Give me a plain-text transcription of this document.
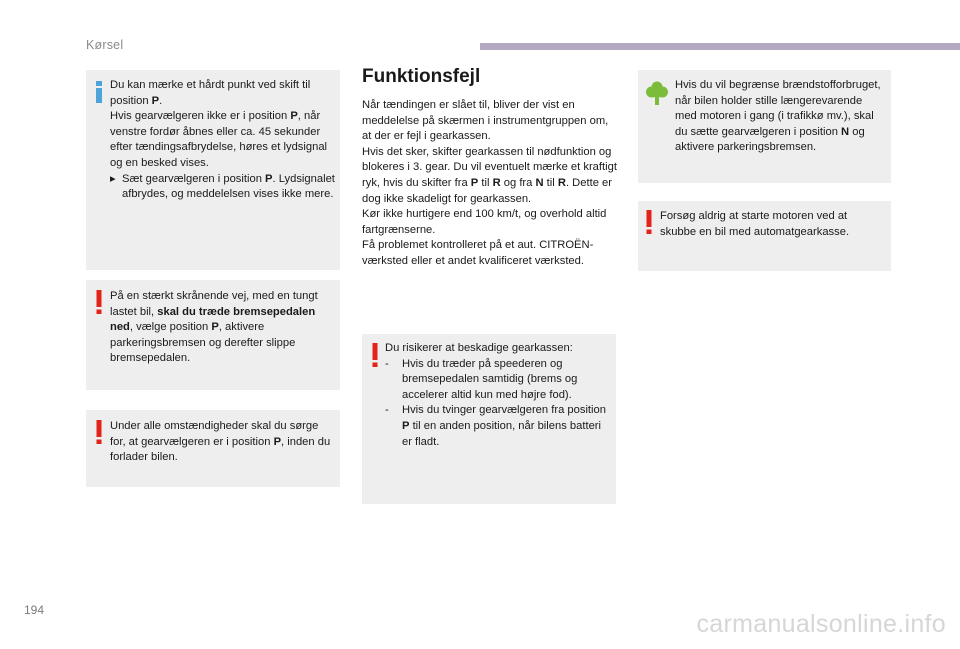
Kørsel

Du kan mærke et hårdt punkt ved skift til

position P.

Hvis gearvælgeren ikke er i position P, når venstre fordør åbnes eller ca. 45 sekunder efter tændingsafbrydelse, høres et lydsignal og en besked vises.

▸ Sæt gearvælgeren i position P. Lydsignalet afbrydes, og meddelelsen vises ikke mere.

På en stærkt skrånende vej, med en tungt lastet bil, skal du træde bremsepedalen ned, vælge position P, aktivere parkeringsbremsen og derefter slippe bremsepedalen.

Under alle omstændigheder skal du sørge for, at gearvælgeren er i position P, inden du forlader bilen.

Funktionsfejl

Når tændingen er slået til, bliver der vist en meddelelse på skærmen i instrumentgruppen om, at der er fejl i gearkassen.

Hvis det sker, skifter gearkassen til nødfunktion og blokeres i 3. gear. Du vil eventuelt mærke et kraftigt ryk, hvis du skifter fra P til R og fra N til R. Dette er dog ikke skadeligt for gearkassen.

Kør ikke hurtigere end 100 km/t, og overhold altid fartgrænserne.

Få problemet kontrolleret på et aut. CITROËN-værksted eller et andet kvalificeret værksted.

Du risikerer at beskadige gearkassen:

- Hvis du træder på speederen og bremsepedalen samtidig (brems og accelerer altid kun med højre fod).

- Hvis du tvinger gearvælgeren fra position P til en anden position, når bilens batteri er fladt.

Hvis du vil begrænse brændstofforbruget, når bilen holder stille længerevarende med motoren i gang (i trafikkø mv.), skal du sætte gearvælgeren i position N og aktivere parkeringsbremsen.

Forsøg aldrig at starte motoren ved at skubbe en bil med automatgearkasse.

194	carmanualsonline.info
